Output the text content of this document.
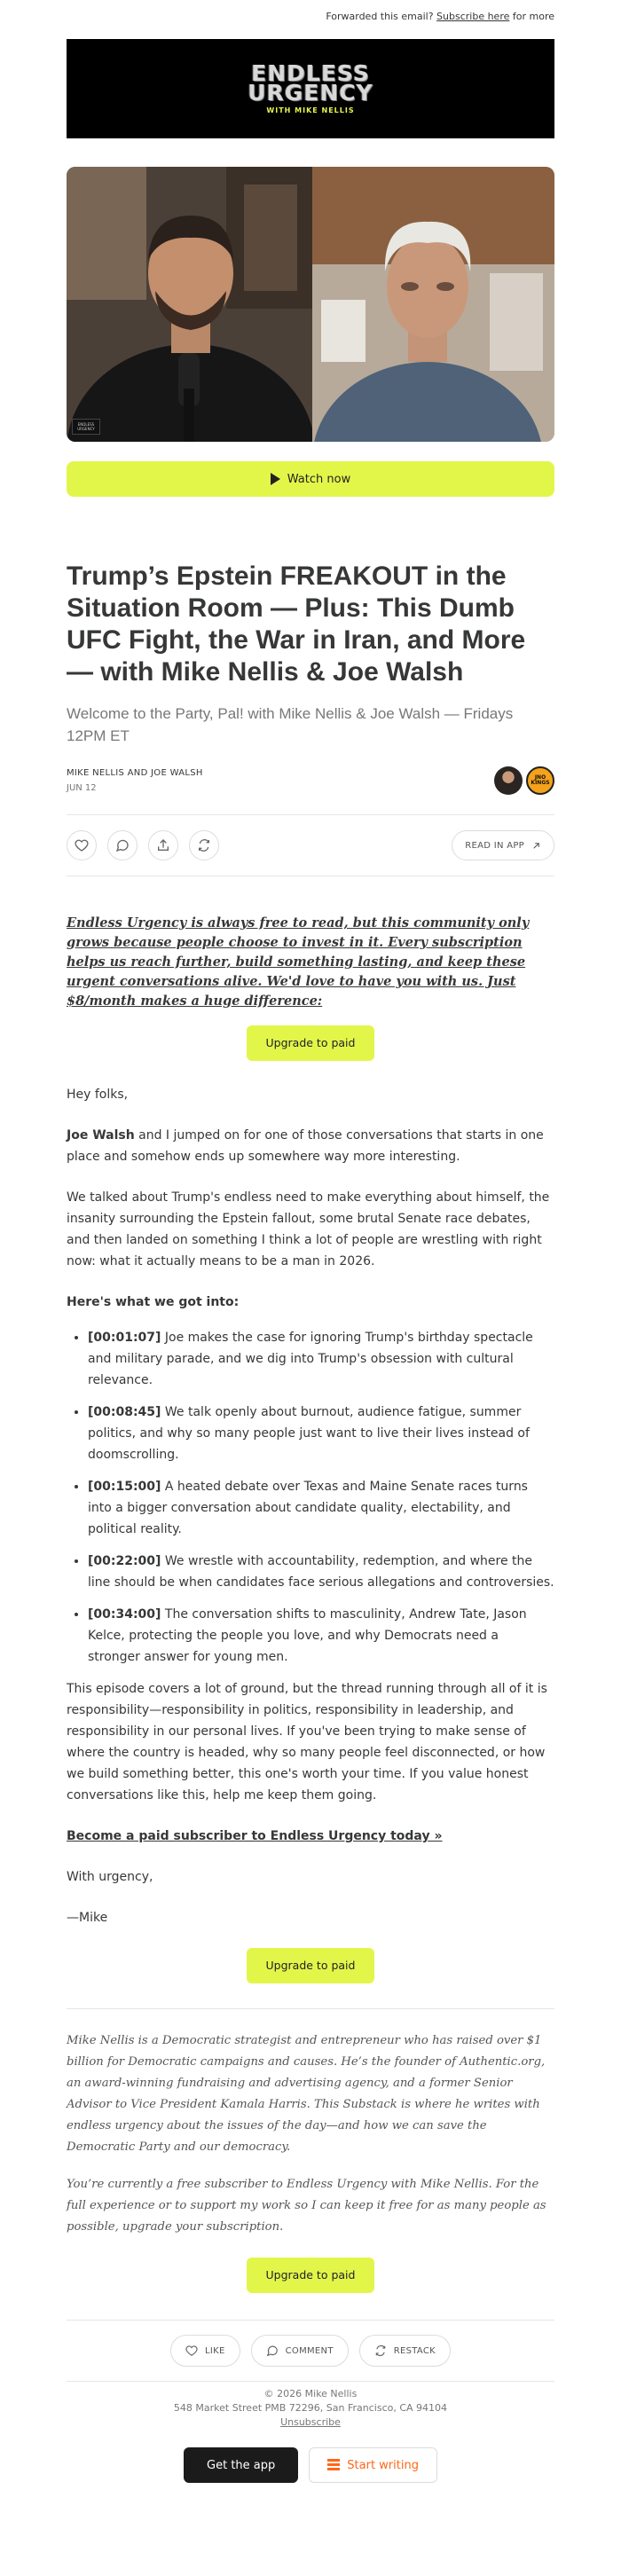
Forwarded this email? Subscribe here for more
ENDLESS
URGENCY
WITH MIKE NELLIS
ENDLESS URGENCY
Watch now
Trump’s Epstein FREAKOUT in the Situation Room — Plus: This Dumb UFC Fight, the War in Iran, and More — with Mike Nellis & Joe Walsh
Welcome to the Party, Pal! with Mike Nellis & Joe Walsh — Fridays 12PM ET
MIKE NELLIS AND JOE WALSH
JUN 12
JNO KINGS
READ IN APP
Endless Urgency is always free to read, but this community only grows because people choose to invest in it. Every subscription helps us reach further, build something lasting, and keep these urgent conversations alive. We'd love to have you with us. Just $8/month makes a huge difference:
Upgrade to paid
Hey folks,
Joe Walsh and I jumped on for one of those conversations that starts in one place and somehow ends up somewhere way more interesting.
We talked about Trump's endless need to make everything about himself, the insanity surrounding the Epstein fallout, some brutal Senate race debates, and then landed on something I think a lot of people are wrestling with right now: what it actually means to be a man in 2026.
Here's what we got into:
• [00:01:07] Joe makes the case for ignoring Trump's birthday spectacle and military parade, and we dig into Trump's obsession with cultural relevance.
• [00:08:45] We talk openly about burnout, audience fatigue, summer politics, and why so many people just want to live their lives instead of doomscrolling.
• [00:15:00] A heated debate over Texas and Maine Senate races turns into a bigger conversation about candidate quality, electability, and political reality.
• [00:22:00] We wrestle with accountability, redemption, and where the line should be when candidates face serious allegations and controversies.
• [00:34:00] The conversation shifts to masculinity, Andrew Tate, Jason Kelce, protecting the people you love, and why Democrats need a stronger answer for young men.
This episode covers a lot of ground, but the thread running through all of it is responsibility—responsibility in politics, responsibility in leadership, and responsibility in our personal lives. If you've been trying to make sense of where the country is headed, why so many people feel disconnected, or how we build something better, this one's worth your time. If you value honest conversations like this, help me keep them going.
Become a paid subscriber to Endless Urgency today »
With urgency,
—Mike
Upgrade to paid
Mike Nellis is a Democratic strategist and entrepreneur who has raised over $1 billion for Democratic campaigns and causes. He’s the founder of Authentic.org, an award-winning fundraising and advertising agency, and a former Senior Advisor to Vice President Kamala Harris. This Substack is where he writes with endless urgency about the issues of the day—and how we can save the Democratic Party and our democracy.
You’re currently a free subscriber to Endless Urgency with Mike Nellis. For the full experience or to support my work so I can keep it free for as many people as possible, upgrade your subscription.
Upgrade to paid
LIKE	COMMENT	RESTACK
© 2026 Mike Nellis
548 Market Street PMB 72296, San Francisco, CA 94104
Unsubscribe
Get the app	Start writing
